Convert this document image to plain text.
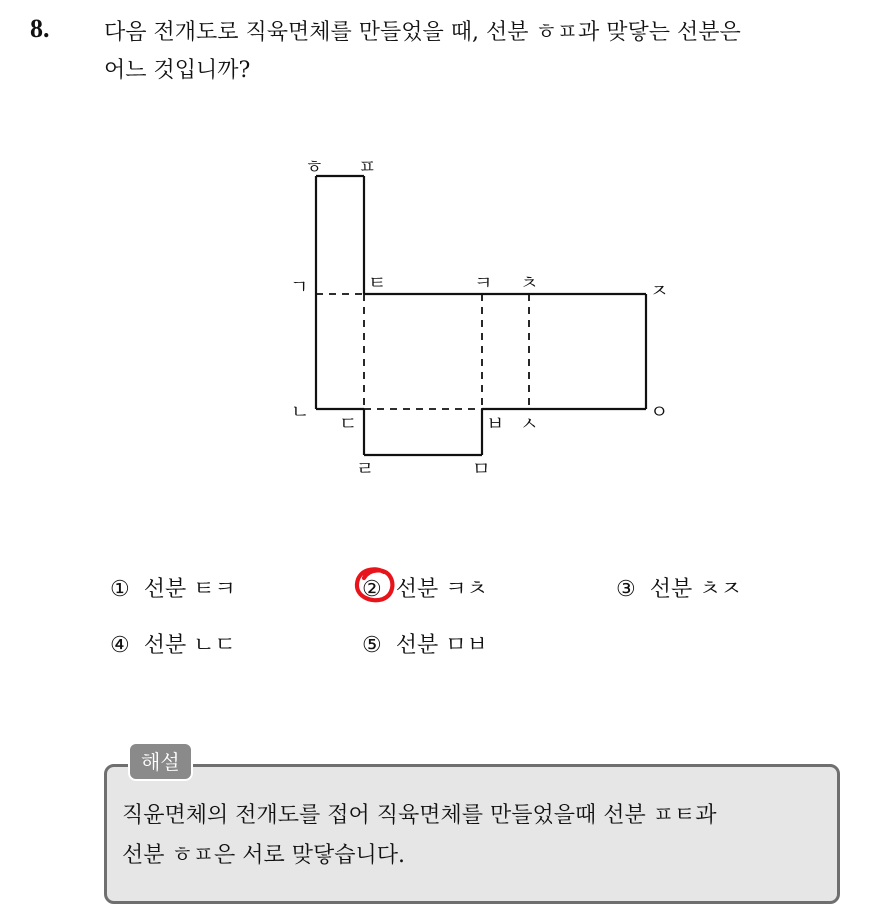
8. 다음 전개도로 직육면체를 만들었을 때, 선분 ㅎㅍ과 맞닿는 선분은
어느 것입니까?
ㅎ ㅍ
ㄱ	ㅌ	ㅋ ㅊ	ㅈ
ㄴ
ㄷ	ㅂ ㅅ
ㅇ
ㄹ	ㅁ
① 선분 ㅌㅋ	② 선분 ㅋㅊ	③ 선분 ㅊㅈ
④ 선분 ㄴㄷ	⑤ 선분 ㅁㅂ
해설
직윤면체의 전개도를 접어 직육면체를 만들었을때 선분 ㅍㅌ과
선분 ㅎㅍ은 서로 맞닿습니다.
